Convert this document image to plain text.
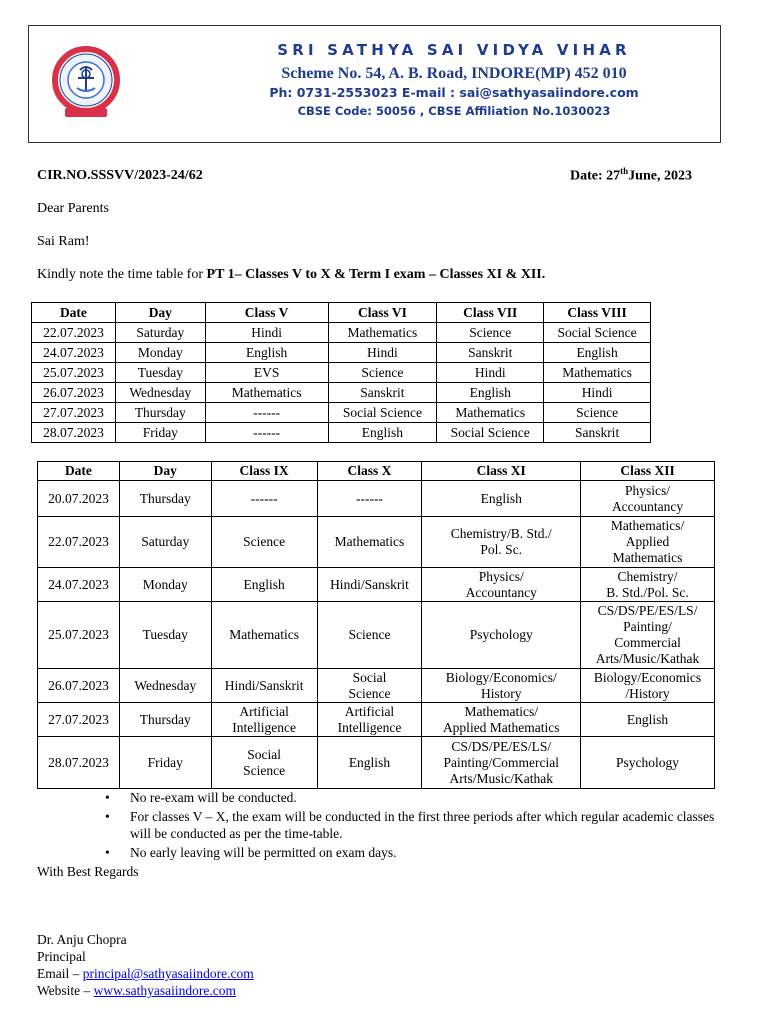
SRI SATHYA SAI VIDYA VIHAR
Scheme No. 54, A. B. Road, INDORE(MP) 452 010
Ph: 0731-2553023 E-mail : sai@sathyasaiindore.com
CBSE Code: 50056 , CBSE Affiliation No.1030023
CIR.NO.SSSVV/2023-24/62	Date: 27thJune, 2023
Dear Parents
Sai Ram!
Kindly note the time table for PT 1– Classes V to X & Term I exam – Classes XI & XII.
Date	Day	Class V	Class VI	Class VII	Class VIII
22.07.2023	Saturday	Hindi	Mathematics	Science	Social Science
24.07.2023	Monday	English	Hindi	Sanskrit	English
25.07.2023	Tuesday	EVS	Science	Hindi	Mathematics
26.07.2023	Wednesday	Mathematics	Sanskrit	English	Hindi
27.07.2023	Thursday	------	Social Science	Mathematics	Science
28.07.2023	Friday	------	English	Social Science	Sanskrit
Date	Day	Class IX	Class X	Class XI	Class XII
20.07.2023	Thursday	------	------	English	Physics/
Accountancy
22.07.2023	Saturday	Science	Mathematics	Chemistry/B. Std./
Pol. Sc.	Mathematics/
Applied
Mathematics
24.07.2023	Monday	English	Hindi/Sanskrit	Physics/
Accountancy	Chemistry/
B. Std./Pol. Sc.
25.07.2023	Tuesday	Mathematics	Science	Psychology	CS/DS/PE/ES/LS/
Painting/
Commercial
Arts/Music/Kathak
26.07.2023	Wednesday	Hindi/Sanskrit	Social
Science	Biology/Economics/
History	Biology/Economics
/History
27.07.2023	Thursday	Artificial
Intelligence	Artificial
Intelligence	Mathematics/
Applied Mathematics	English
28.07.2023	Friday	Social
Science	English	CS/DS/PE/ES/LS/
Painting/Commercial
Arts/Music/Kathak	Psychology
• No re-exam will be conducted.
• For classes V – X, the exam will be conducted in the first three periods after which regular academic classes will be conducted as per the time-table.
• No early leaving will be permitted on exam days.
With Best Regards
Dr. Anju Chopra
Principal
Email – principal@sathyasaiindore.com
Website – www.sathyasaiindore.com
